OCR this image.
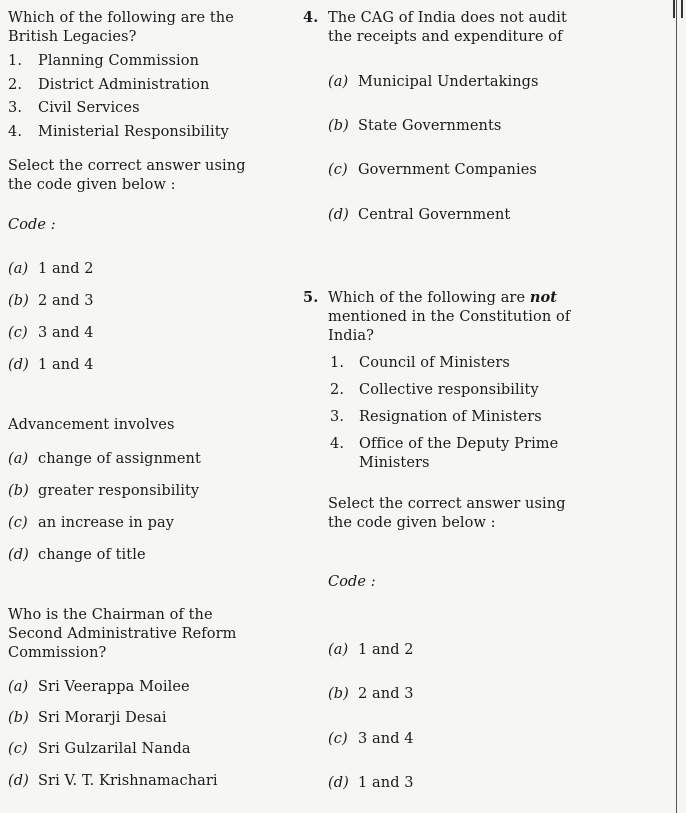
Which of the following are the
British Legacies?
1. Planning Commission
2. District Administration
3. Civil Services
4. Ministerial Responsibility
Select the correct answer using
the code given below :
Code :
(a) 1 and 2
(b) 2 and 3
(c) 3 and 4
(d) 1 and 4
Advancement involves
(a) change of assignment
(b) greater responsibility
(c) an increase in pay
(d) change of title
Who is the Chairman of the
Second Administrative Reform
Commission?
(a) Sri Veerappa Moilee
(b) Sri Morarji Desai
(c) Sri Gulzarilal Nanda
(d) Sri V. T. Krishnamachari
4. The CAG of India does not audit
the receipts and expenditure of
(a) Municipal Undertakings
(b) State Governments
(c) Government Companies
(d) Central Government
5. Which of the following are not
mentioned in the Constitution of
India?
1. Council of Ministers
2. Collective responsibility
3. Resignation of Ministers
4. Office of the Deputy Prime
Ministers
Select the correct answer using
the code given below :
Code :
(a) 1 and 2
(b) 2 and 3
(c) 3 and 4
(d) 1 and 3
